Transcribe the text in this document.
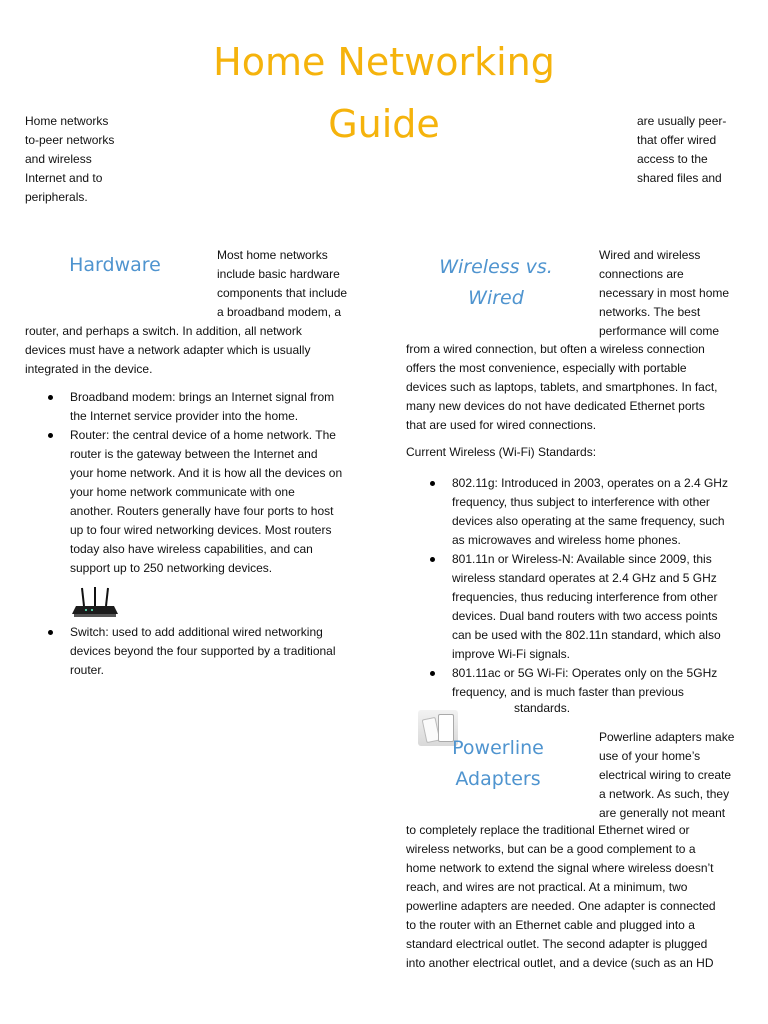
Home Networking
Guide
Home networks
to-peer networks
and wireless
Internet and to
peripherals.
are usually peer-
that offer wired
access to the
shared files and
Hardware	Most home networks
include basic hardware
components that include
a broadband modem, a
router, and perhaps a switch. In addition, all network
devices must have a network adapter which is usually
integrated in the device.
Broadband modem: brings an Internet signal from
the Internet service provider into the home.
Router: the central device of a home network. The
router is the gateway between the Internet and
your home network. And it is how all the devices on
your home network communicate with one
another. Routers generally have four ports to host
up to four wired networking devices. Most routers
today also have wireless capabilities, and can
support up to 250 networking devices.
Switch: used to add additional wired networking
devices beyond the four supported by a traditional
router.
Wireless vs.
Wired
Wired and wireless
connections are
necessary in most home
networks. The best
performance will come
from a wired connection, but often a wireless connection
offers the most convenience, especially with portable
devices such as laptops, tablets, and smartphones. In fact,
many new devices do not have dedicated Ethernet ports
that are used for wired connections.
Current Wireless (Wi-Fi) Standards:
802.11g: Introduced in 2003, operates on a 2.4 GHz
frequency, thus subject to interference with other
devices also operating at the same frequency, such
as microwaves and wireless home phones.
801.11n or Wireless-N: Available since 2009, this
wireless standard operates at 2.4 GHz and 5 GHz
frequencies, thus reducing interference from other
devices. Dual band routers with two access points
can be used with the 802.11n standard, which also
improve Wi-Fi signals.
801.11ac or 5G Wi-Fi: Operates only on the 5GHz
frequency, and is much faster than previous
standards.
Powerline
Adapters
Powerline adapters make
use of your home’s
electrical wiring to create
a network. As such, they
are generally not meant
to completely replace the traditional Ethernet wired or
wireless networks, but can be a good complement to a
home network to extend the signal where wireless doesn’t
reach, and wires are not practical. At a minimum, two
powerline adapters are needed. One adapter is connected
to the router with an Ethernet cable and plugged into a
standard electrical outlet. The second adapter is plugged
into another electrical outlet, and a device (such as an HD
